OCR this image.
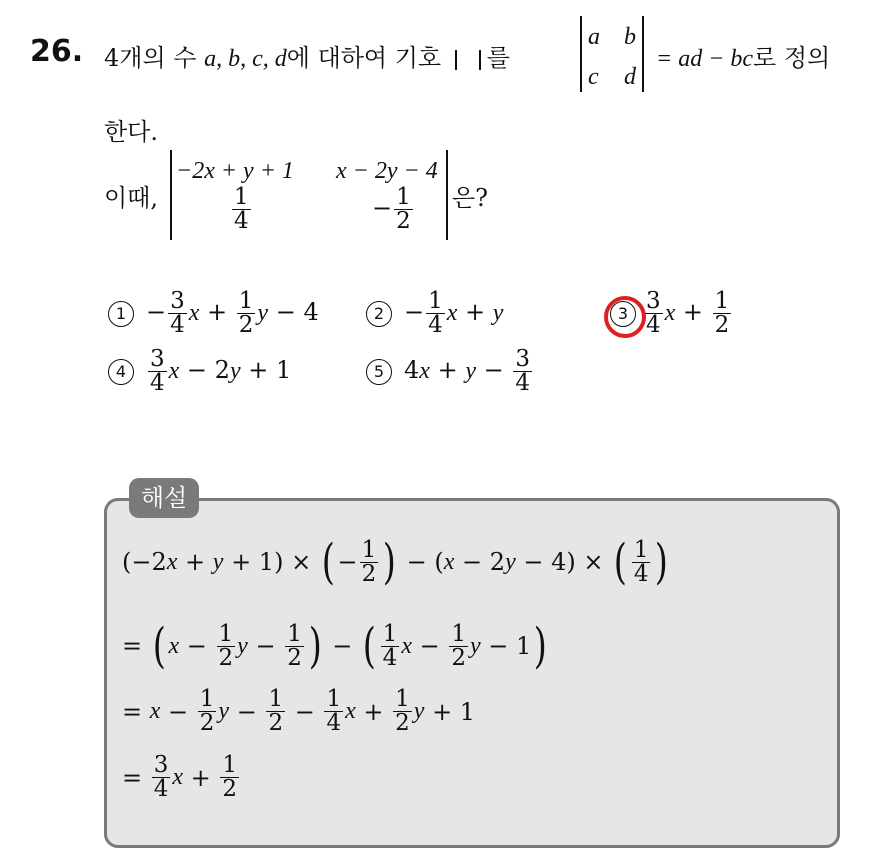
26. 4개의 수 a, b, c, d에 대하여 기호 를
a b
c d
= ad − bc로 정의
한다.
이때,
−2x + y + 1 x − 2y − 4
$\frac{1}{4}$	− $\frac{1}{2}$ 은?
$1 - \frac{3}{4}$ $x + \frac{1}{2}$ y − 4	$2 - \frac{1}{4}$ x + y	$3 \frac{3}{4}$ $x + \frac{1}{2}$
$4 \frac{3}{4}$ x − 2y + 1	5 $4x + y - \frac{3}{4}$
해설
(−2 x + y + 1) × ( − $\frac{1}{2}$ ) − ( x − 2 y − 4) × ( $\frac{1}{4}$ )
= ( $x - \frac{1}{2}$ $y - \frac{1}{2}$ ) − ( $\frac{1}{4}$ $x - \frac{1}{2}$ y − 1 )
= $x - \frac{1}{2}$ $y - \frac{1}{2} - \frac{1}{4}$ $x + \frac{1}{2}$ y + 1
= $\frac{3}{4}$ $x + \frac{1}{2}$
